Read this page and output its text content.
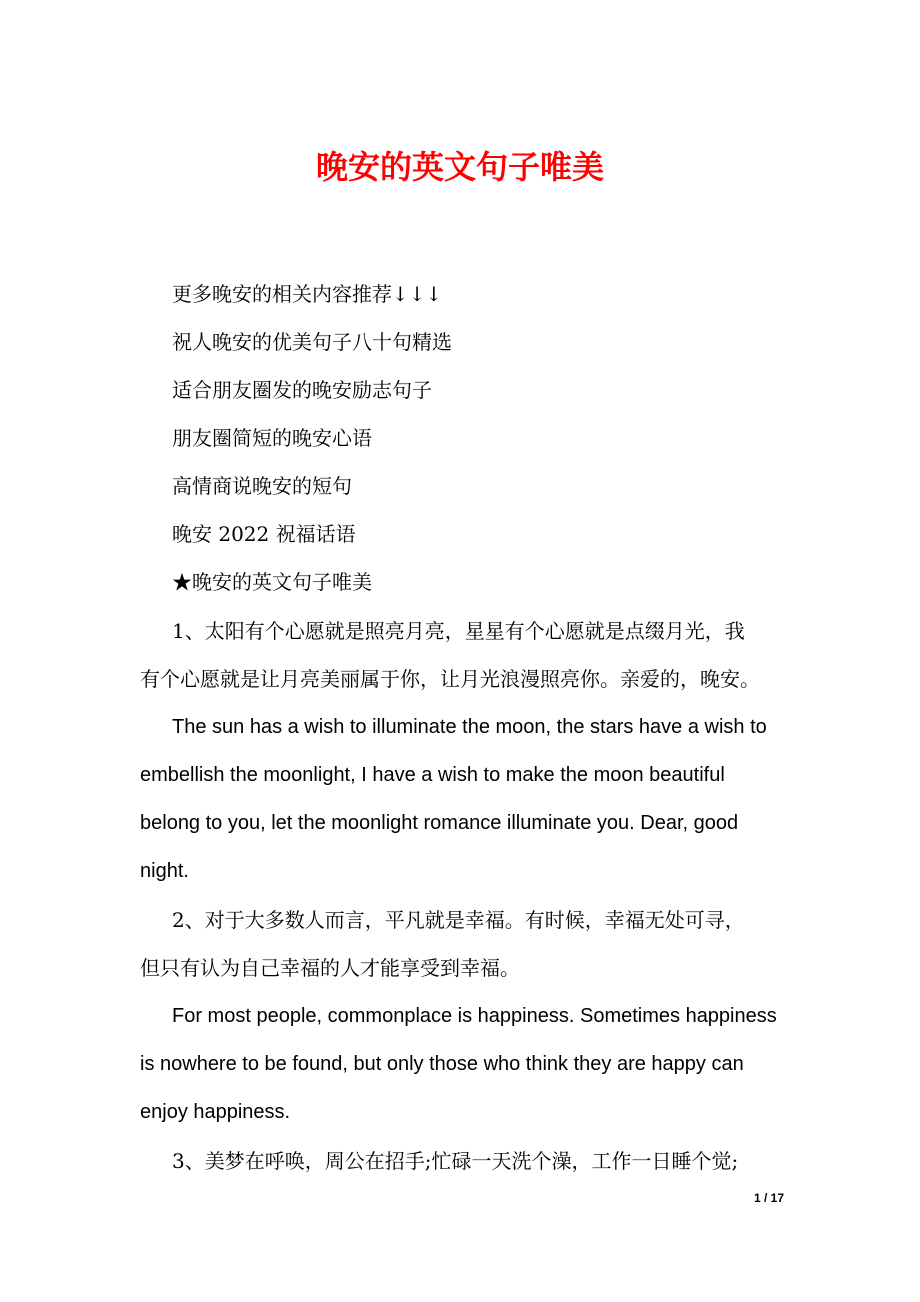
晚安的英文句子唯美
更多晚安的相关内容推荐↓↓↓
祝人晚安的优美句子八十句精选
适合朋友圈发的晚安励志句子
朋友圈简短的晚安心语
高情商说晚安的短句
晚安 2022 祝福话语
★晚安的英文句子唯美
1、太阳有个心愿就是照亮月亮，星星有个心愿就是点缀月光，我
有个心愿就是让月亮美丽属于你，让月光浪漫照亮你。亲爱的，晚安。
The sun has a wish to illuminate the moon, the stars have a wish to
embellish the moonlight, I have a wish to make the moon beautiful
belong to you, let the moonlight romance illuminate you. Dear, good
night.
2、对于大多数人而言，平凡就是幸福。有时候，幸福无处可寻，
但只有认为自己幸福的人才能享受到幸福。
For most people, commonplace is happiness. Sometimes happiness
is nowhere to be found, but only those who think they are happy can
enjoy happiness.
3、美梦在呼唤，周公在招手;忙碌一天洗个澡，工作一日睡个觉;
1 / 17
